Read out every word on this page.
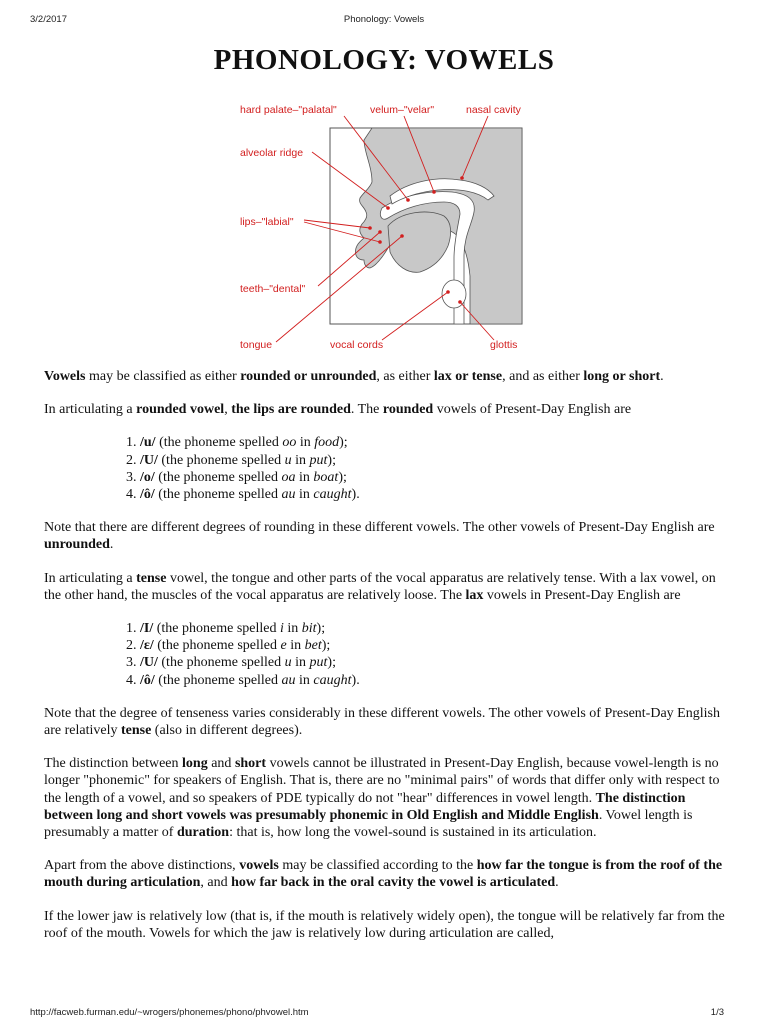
3/2/2017	Phonology: Vowels
PHONOLOGY: VOWELS
hard palate–"palatal"	velum–"velar"	nasal cavity
alveolar ridge
lips–"labial"
teeth–"dental"
tongue	vocal cords	glottis

Vowels may be classified as either rounded or unrounded, as either lax or tense, and as either long or short.

In articulating a rounded vowel, the lips are rounded. The rounded vowels of Present-Day English are

1. /u/ (the phoneme spelled oo in food);
2. /U/ (the phoneme spelled u in put);
3. /o/ (the phoneme spelled oa in boat);
4. /ô/ (the phoneme spelled au in caught).

Note that there are different degrees of rounding in these different vowels. The other vowels of Present-Day English are unrounded.

In articulating a tense vowel, the tongue and other parts of the vocal apparatus are relatively tense. With a lax vowel, on the other hand, the muscles of the vocal apparatus are relatively loose. The lax vowels in Present-Day English are

1. /I/ (the phoneme spelled i in bit);
2. /ε/ (the phoneme spelled e in bet);
3. /U/ (the phoneme spelled u in put);
4. /ô/ (the phoneme spelled au in caught).

Note that the degree of tenseness varies considerably in these different vowels. The other vowels of Present-Day English are relatively tense (also in different degrees).

The distinction between long and short vowels cannot be illustrated in Present-Day English, because vowel-length is no longer "phonemic" for speakers of English. That is, there are no "minimal pairs" of words that differ only with respect to the length of a vowel, and so speakers of PDE typically do not "hear" differences in vowel length. The distinction between long and short vowels was presumably phonemic in Old English and Middle English. Vowel length is presumably a matter of duration: that is, how long the vowel-sound is sustained in its articulation.

Apart from the above distinctions, vowels may be classified according to the how far the tongue is from the roof of the mouth during articulation, and how far back in the oral cavity the vowel is articulated.

If the lower jaw is relatively low (that is, if the mouth is relatively widely open), the tongue will be relatively far from the roof of the mouth. Vowels for which the jaw is relatively low during articulation are called,

http://facweb.furman.edu/~wrogers/phonemes/phono/phvowel.htm	1/3
